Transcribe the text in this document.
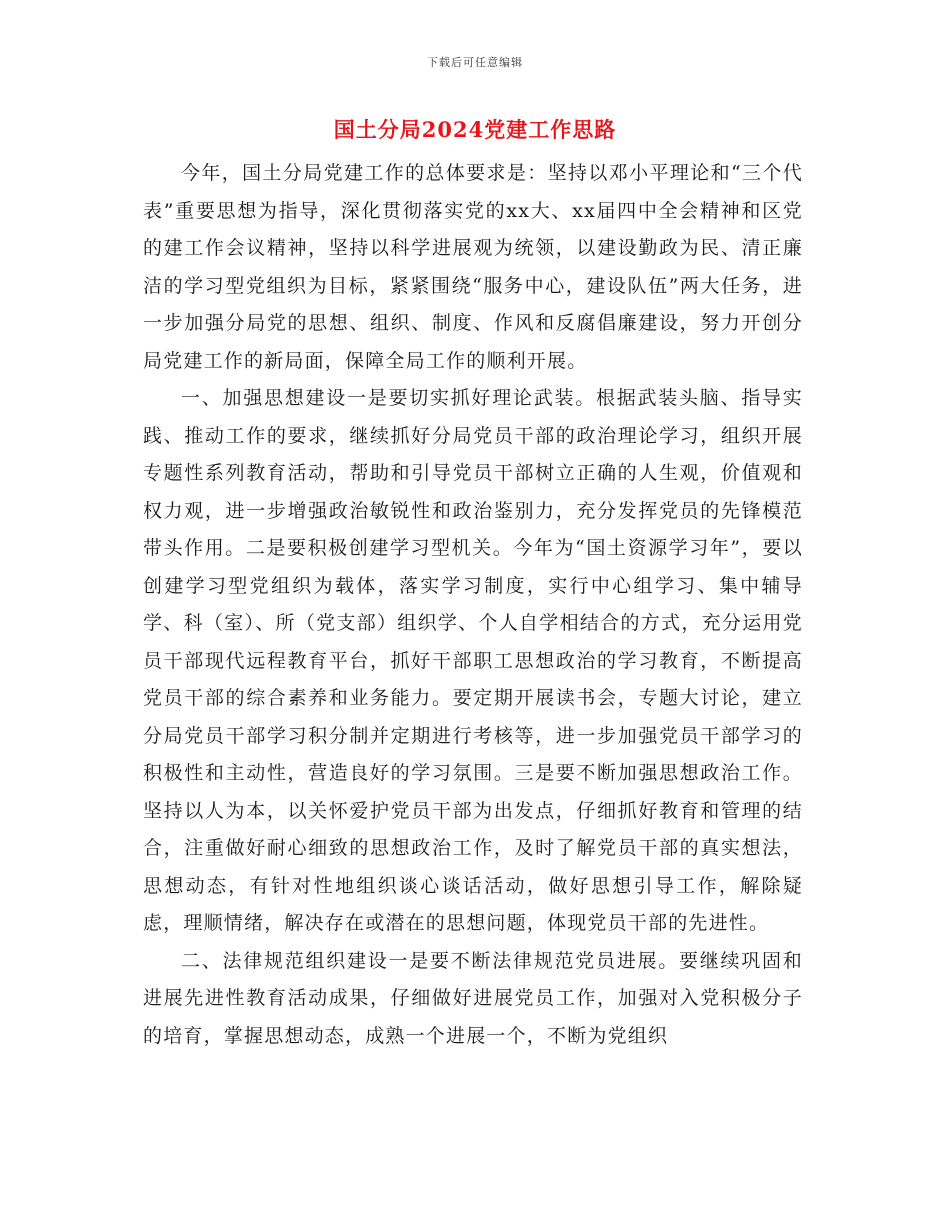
下载后可任意编辑
国土分局2024党建工作思路

今年，国土分局党建工作的总体要求是：坚持以邓小平理论和“三个代表”重要思想为指导，深化贯彻落实党的xx大、xx届四中全会精神和区党的建工作会议精神，坚持以科学进展观为统领，以建设勤政为民、清正廉洁的学习型党组织为目标，紧紧围绕“服务中心，建设队伍”两大任务，进一步加强分局党的思想、组织、制度、作风和反腐倡廉建设，努力开创分局党建工作的新局面，保障全局工作的顺利开展。

一、加强思想建设一是要切实抓好理论武装。根据武装头脑、指导实践、推动工作的要求，继续抓好分局党员干部的政治理论学习，组织开展专题性系列教育活动，帮助和引导党员干部树立正确的人生观，价值观和权力观，进一步增强政治敏锐性和政治鉴别力，充分发挥党员的先锋模范带头作用。二是要积极创建学习型机关。今年为“国土资源学习年”，要以创建学习型党组织为载体，落实学习制度，实行中心组学习、集中辅导学、科（室）、所（党支部）组织学、个人自学相结合的方式，充分运用党员干部现代远程教育平台，抓好干部职工思想政治的学习教育，不断提高党员干部的综合素养和业务能力。要定期开展读书会，专题大讨论，建立分局党员干部学习积分制并定期进行考核等，进一步加强党员干部学习的积极性和主动性，营造良好的学习氛围。三是要不断加强思想政治工作。坚持以人为本，以关怀爱护党员干部为出发点，仔细抓好教育和管理的结合，注重做好耐心细致的思想政治工作，及时了解党员干部的真实想法，思想动态，有针对性地组织谈心谈话活动，做好思想引导工作，解除疑虑，理顺情绪，解决存在或潜在的思想问题，体现党员干部的先进性。

二、法律规范组织建设一是要不断法律规范党员进展。要继续巩固和进展先进性教育活动成果，仔细做好进展党员工作，加强对入党积极分子的培育，掌握思想动态，成熟一个进展一个，不断为党组织
